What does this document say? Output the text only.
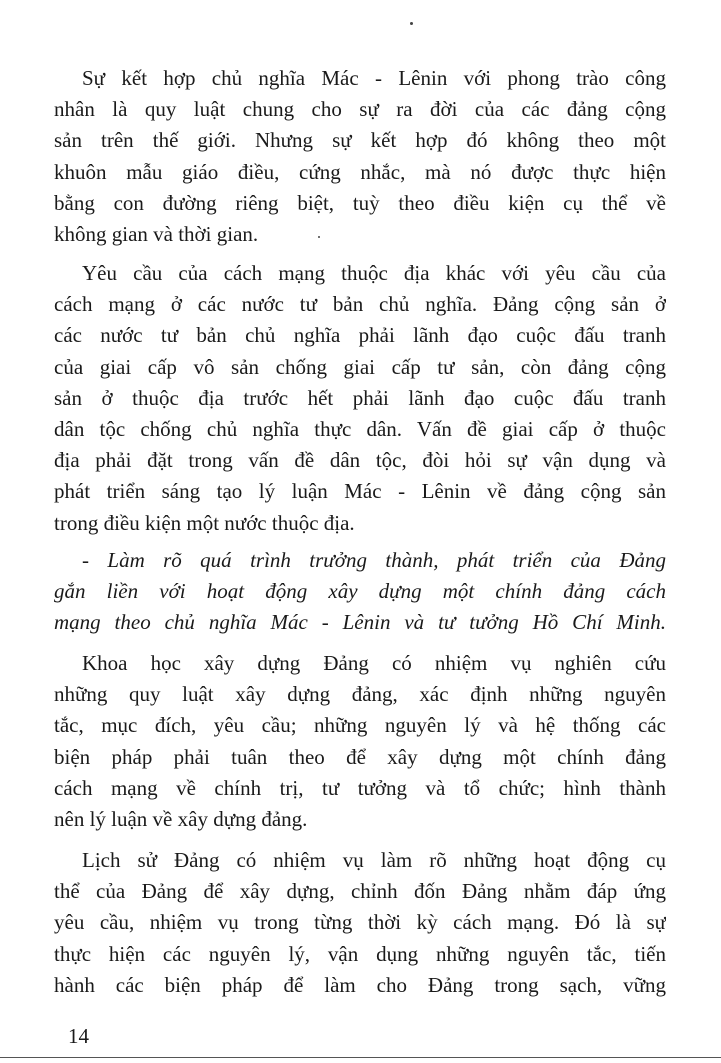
Sự kết hợp chủ nghĩa Mác - Lênin với phong trào công
nhân là quy luật chung cho sự ra đời của các đảng cộng
sản trên thế giới. Nhưng sự kết hợp đó không theo một
khuôn mẫu giáo điều, cứng nhắc, mà nó được thực hiện
bằng con đường riêng biệt, tuỳ theo điều kiện cụ thể về
không gian và thời gian.
Yêu cầu của cách mạng thuộc địa khác với yêu cầu của
cách mạng ở các nước tư bản chủ nghĩa. Đảng cộng sản ở
các nước tư bản chủ nghĩa phải lãnh đạo cuộc đấu tranh
của giai cấp vô sản chống giai cấp tư sản, còn đảng cộng
sản ở thuộc địa trước hết phải lãnh đạo cuộc đấu tranh
dân tộc chống chủ nghĩa thực dân. Vấn đề giai cấp ở thuộc
địa phải đặt trong vấn đề dân tộc, đòi hỏi sự vận dụng và
phát triển sáng tạo lý luận Mác - Lênin về đảng cộng sản
trong điều kiện một nước thuộc địa.
- Làm rõ quá trình trưởng thành, phát triển của Đảng
gắn liền với hoạt động xây dựng một chính đảng cách
mạng theo chủ nghĩa Mác - Lênin và tư tưởng Hồ Chí Minh.
Khoa học xây dựng Đảng có nhiệm vụ nghiên cứu
những quy luật xây dựng đảng, xác định những nguyên
tắc, mục đích, yêu cầu; những nguyên lý và hệ thống các
biện pháp phải tuân theo để xây dựng một chính đảng
cách mạng về chính trị, tư tưởng và tổ chức; hình thành
nên lý luận về xây dựng đảng.
Lịch sử Đảng có nhiệm vụ làm rõ những hoạt động cụ
thể của Đảng để xây dựng, chỉnh đốn Đảng nhằm đáp ứng
yêu cầu, nhiệm vụ trong từng thời kỳ cách mạng. Đó là sự
thực hiện các nguyên lý, vận dụng những nguyên tắc, tiến
hành các biện pháp để làm cho Đảng trong sạch, vững
14
